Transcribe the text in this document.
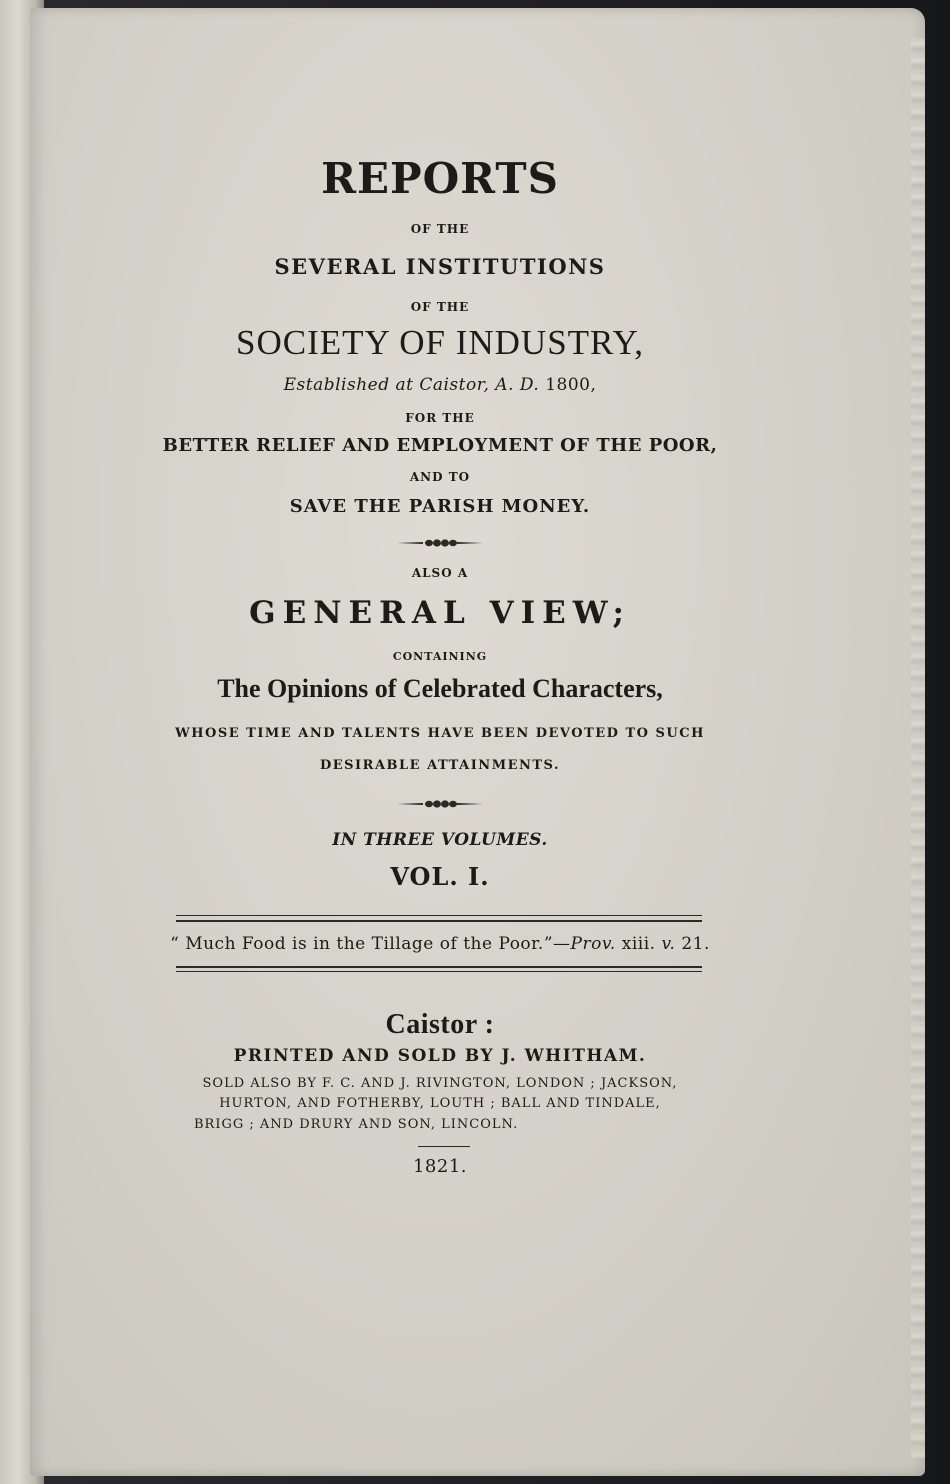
REPORTS
OF THE
SEVERAL INSTITUTIONS
OF THE
SOCIETY OF INDUSTRY,
Established at Caistor, A. D. 1800,
FOR THE
BETTER RELIEF AND EMPLOYMENT OF THE POOR,
AND TO
SAVE THE PARISH MONEY.
ALSO A
GENERAL VIEW;
CONTAINING
The Opinions of Celebrated Characters,
WHOSE TIME AND TALENTS HAVE BEEN DEVOTED TO SUCH
DESIRABLE ATTAINMENTS.
IN THREE VOLUMES.
VOL. I.
“ Much Food is in the Tillage of the Poor.”—Prov. xiii. v. 21.
Caistor :
PRINTED AND SOLD BY J. WHITHAM.
SOLD ALSO BY F. C. AND J. RIVINGTON, LONDON ; JACKSON,
HURTON, AND FOTHERBY, LOUTH ; BALL AND TINDALE,
BRIGG ; AND DRURY AND SON, LINCOLN.
1821.
